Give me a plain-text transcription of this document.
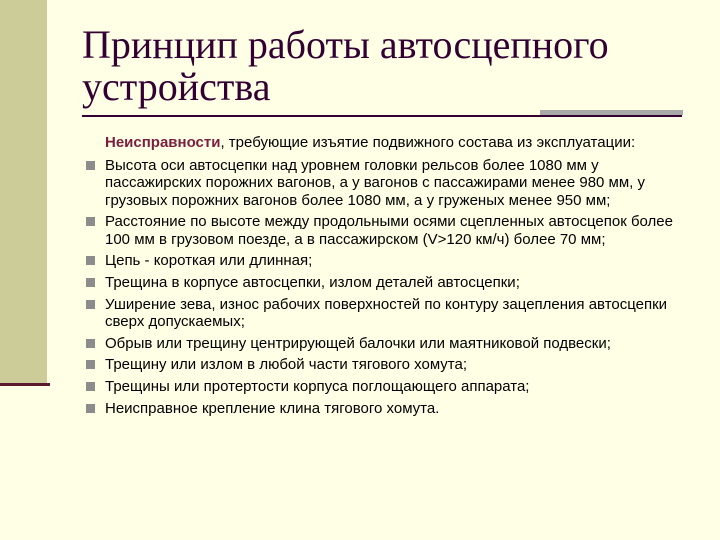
Принцип работы автосцепного устройства

Неисправности, требующие изъятие подвижного состава из эксплуатации:

Высота оси автосцепки над уровнем головки рельсов более 1080 мм у пассажирских порожних вагонов, а у вагонов с пассажирами менее 980 мм, у грузовых порожних вагонов более 1080 мм, а у груженых менее 950 мм;
Расстояние по высоте между продольными осями сцепленных автосцепок более 100 мм в грузовом поезде, а в пассажирском (V>120 км/ч) более 70 мм;
Цепь - короткая или длинная;
Трещина в корпусе автосцепки, излом деталей автосцепки;
Уширение зева, износ рабочих поверхностей по контуру зацепления автосцепки сверх допускаемых;
Обрыв или трещину центрирующей балочки или маятниковой подвески;
Трещину или излом в любой части тягового хомута;
Трещины или протертости корпуса поглощающего аппарата;
Неисправное крепление клина тягового хомута.
